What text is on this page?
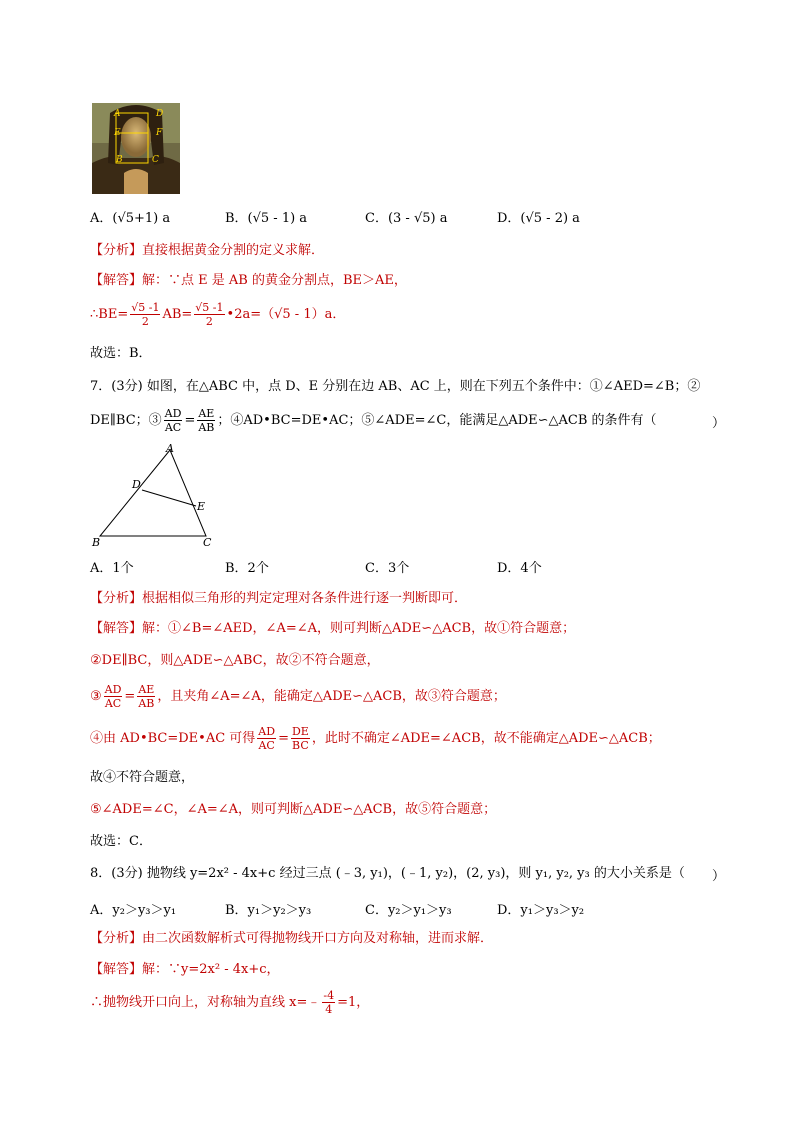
A	D
E	F
B	C
A．(√5+1) a	B．(√5 - 1) a	C．(3 - √5) a	D．(√5 - 2) a
【分析】直接根据黄金分割的定义求解．
【解答】解：∵点 E 是 AB 的黄金分割点，BE＞AE，
∴BE= $\frac{√5 -1}{2} AB= \frac{√5 -1}{2}$ •2a=（√5 - 1）a．
故选：B．
7．(3分) 如图，在△ABC 中，点 D、E 分别在边 AB、AC 上，则在下列五个条件中：①∠AED=∠B；②
DE∥BC；③ $\frac{AD}{AC} = \frac{AE}{AB}$ ；④AD•BC=DE•AC；⑤∠ADE=∠C，能满足△ADE∽△ACB 的条件有（	）
A
D
E
B	C
A．1个	B．2个	C．3个	D．4个
【分析】根据相似三角形的判定定理对各条件进行逐一判断即可．
【解答】解：①∠B=∠AED，∠A=∠A，则可判断△ADE∽△ACB，故①符合题意；
②DE∥BC，则△ADE∽△ABC，故②不符合题意，
③ $\frac{AD}{AC} = \frac{AE}{AB}$ ，且夹角∠A=∠A，能确定△ADE∽△ACB，故③符合题意；
④由 AD•BC=DE•AC 可得 $\frac{AD}{AC} = \frac{DE}{BC}$ ，此时不确定∠ADE=∠ACB，故不能确定△ADE∽△ACB；
故④不符合题意，
⑤∠ADE=∠C，∠A=∠A，则可判断△ADE∽△ACB，故⑤符合题意；
故选：C．
8．(3分) 抛物线 y=2x² - 4x+c 经过三点 (﹣3, y₁)，(﹣1, y₂)，(2, y₃)，则 y₁, y₂, y₃ 的大小关系是（ ）
A．y₂＞y₃＞y₁	B．y₁＞y₂＞y₃	C．y₂＞y₁＞y₃	D．y₁＞y₃＞y₂
【分析】由二次函数解析式可得抛物线开口方向及对称轴，进而求解．
【解答】解：∵y=2x² - 4x+c，
∴抛物线开口向上，对称轴为直线 x=﹣ $\frac{-4}{4} =1$，
